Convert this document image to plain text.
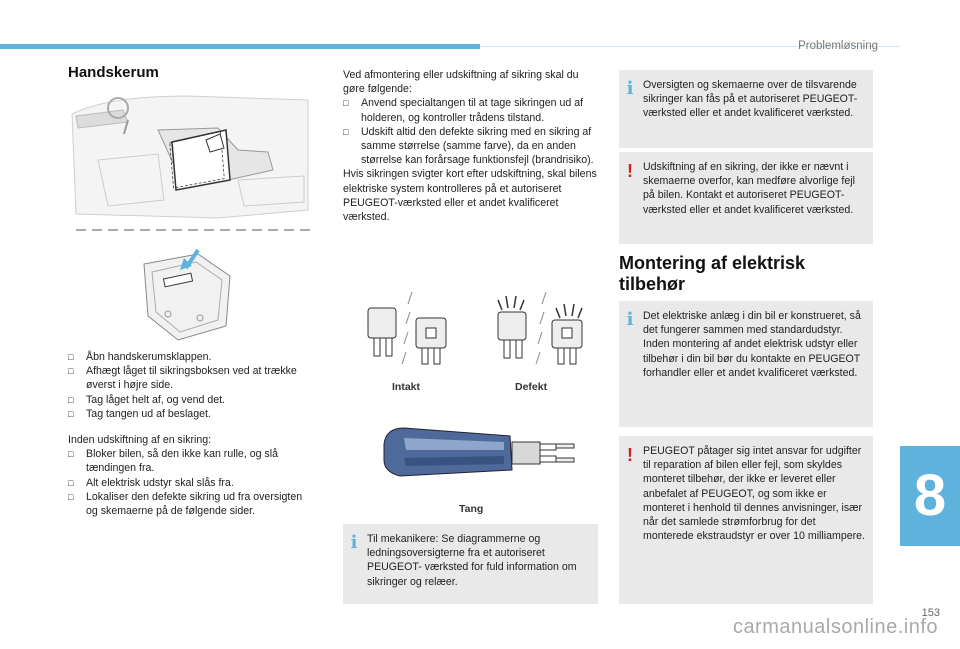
Problemløsning
Handskerum
□	Åbn handskerumsklappen.
□	Afhægt låget til sikringsboksen ved at trække øverst i højre side.
□	Tag låget helt af, og vend det.
□	Tag tangen ud af beslaget.

Inden udskiftning af en sikring:

□	Bloker bilen, så den ikke kan rulle, og slå tændingen fra.
□	Alt elektrisk udstyr skal slås fra.
□	Lokaliser den defekte sikring ud fra oversigten og skemaerne på de følgende sider.

Ved afmontering eller udskiftning af sikring skal du gøre følgende:

□	Anvend specialtangen til at tage sikringen ud af holderen, og kontroller trådens tilstand.
□	Udskift altid den defekte sikring med en sikring af samme størrelse (samme farve), da en anden størrelse kan forårsage funktionsfejl (brandrisiko).

Hvis sikringen svigter kort efter udskiftning, skal bilens elektriske system kontrolleres på et autoriseret PEUGEOT-værksted eller et andet kvalificeret værksted.

Intakt	Defekt
Tang
i Til mekanikere: Se diagrammerne og ledningsoversigterne fra et autoriseret PEUGEOT- værksted for fuld information om sikringer og relæer.
i Oversigten og skemaerne over de tilsvarende sikringer kan fås på et autoriseret PEUGEOT-værksted eller et andet kvalificeret værksted.
! Udskiftning af en sikring, der ikke er nævnt i skemaerne overfor, kan medføre alvorlige fejl på bilen. Kontakt et autoriseret PEUGEOT-værksted eller et andet kvalificeret værksted.
Montering af elektrisk
tilbehør
i Det elektriske anlæg i din bil er konstrueret, så det fungerer sammen med standardudstyr. Inden montering af andet elektrisk udstyr eller tilbehør i din bil bør du kontakte en PEUGEOT forhandler eller et andet kvalificeret værksted.
! PEUGEOT påtager sig intet ansvar for udgifter til reparation af bilen eller fejl, som skyldes monteret tilbehør, der ikke er leveret eller anbefalet af PEUGEOT, og som ikke er monteret i henhold til dennes anvisninger, især når det samlede strømforbrug for det monterede ekstraudstyr er over 10 milliampere.
8
153
carmanualsonline.info
